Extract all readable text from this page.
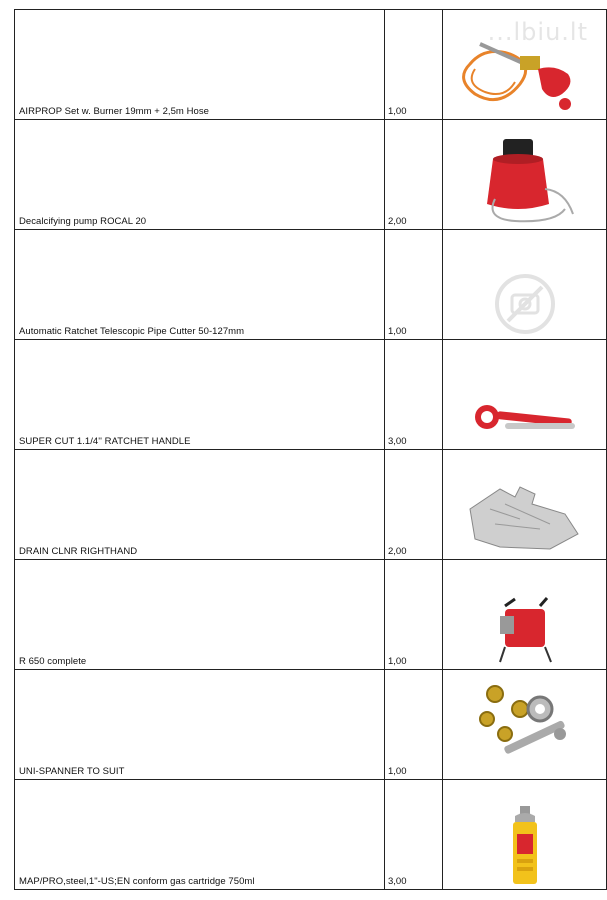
AIRPROP Set w. Burner 19mm + 2,5m Hose	1,00	...lbiu.lt

Decalcifying pump ROCAL 20	2,00	

Automatic Ratchet Telescopic Pipe Cutter 50-127mm	1,00	

SUPER CUT 1.1/4'' RATCHET HANDLE	3,00	

DRAIN CLNR RIGHTHAND	2,00	

R 650 complete	1,00	

UNI-SPANNER TO SUIT	1,00	

MAP/PRO,steel,1"-US;EN conform gas cartridge 750ml	3,00	
